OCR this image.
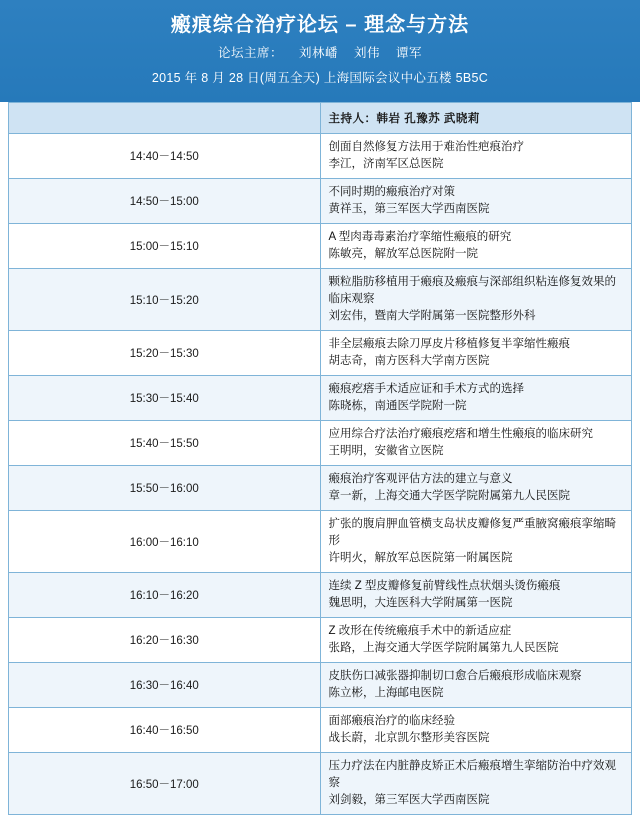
瘢痕综合治疗论坛 – 理念与方法
论坛主席： 刘林嶓 刘伟 谭军
2015 年 8 月 28 日(周五全天) 上海国际会议中心五楼 5B5C
	主持人：韩岩 孔豫苏 武晓莉
14:40－14:50	创面自然修复方法用于难治性疤痕治疗
李江，济南军区总医院

14:50－15:00	不同时期的瘢痕治疗对策
黄祥玉，第三军医大学西南医院

15:00－15:10	A 型肉毒毒素治疗挛缩性瘢痕的研究
陈敏亮，解放军总医院附一院

15:10－15:20	颗粒脂肪移植用于瘢痕及瘢痕与深部组织粘连修复效果的临床观察
刘宏伟，暨南大学附属第一医院整形外科

15:20－15:30	非全层瘢痕去除刀厚皮片移植修复半挛缩性瘢痕
胡志奇，南方医科大学南方医院

15:30－15:40	瘢痕疙瘩手术适应证和手术方式的选择
陈晓栋，南通医学院附一院

15:40－15:50	应用综合疗法治疗瘢痕疙瘩和增生性瘢痕的临床研究
王明明，安徽省立医院

15:50－16:00	瘢痕治疗客观评估方法的建立与意义
章一新，上海交通大学医学院附属第九人民医院

16:00－16:10	扩张的腹肩胛血管横支岛状皮瓣修复严重腋窝瘢痕挛缩畸形
许明火，解放军总医院第一附属医院

16:10－16:20	连续 Z 型皮瓣修复前臂线性点状烟头烫伤瘢痕
魏思明，大连医科大学附属第一医院

16:20－16:30	Z 改形在传统瘢痕手术中的新适应症
张路，上海交通大学医学院附属第九人民医院

16:30－16:40	皮肤伤口减张器抑制切口愈合后瘢痕形成临床观察
陈立彬，上海邮电医院

16:40－16:50	面部瘢痕治疗的临床经验
战长蔚，北京凯尔整形美容医院

16:50－17:00	压力疗法在内脏静皮矫正术后瘢痕增生挛缩防治中疗效观察
刘剑毅，第三军医大学西南医院
